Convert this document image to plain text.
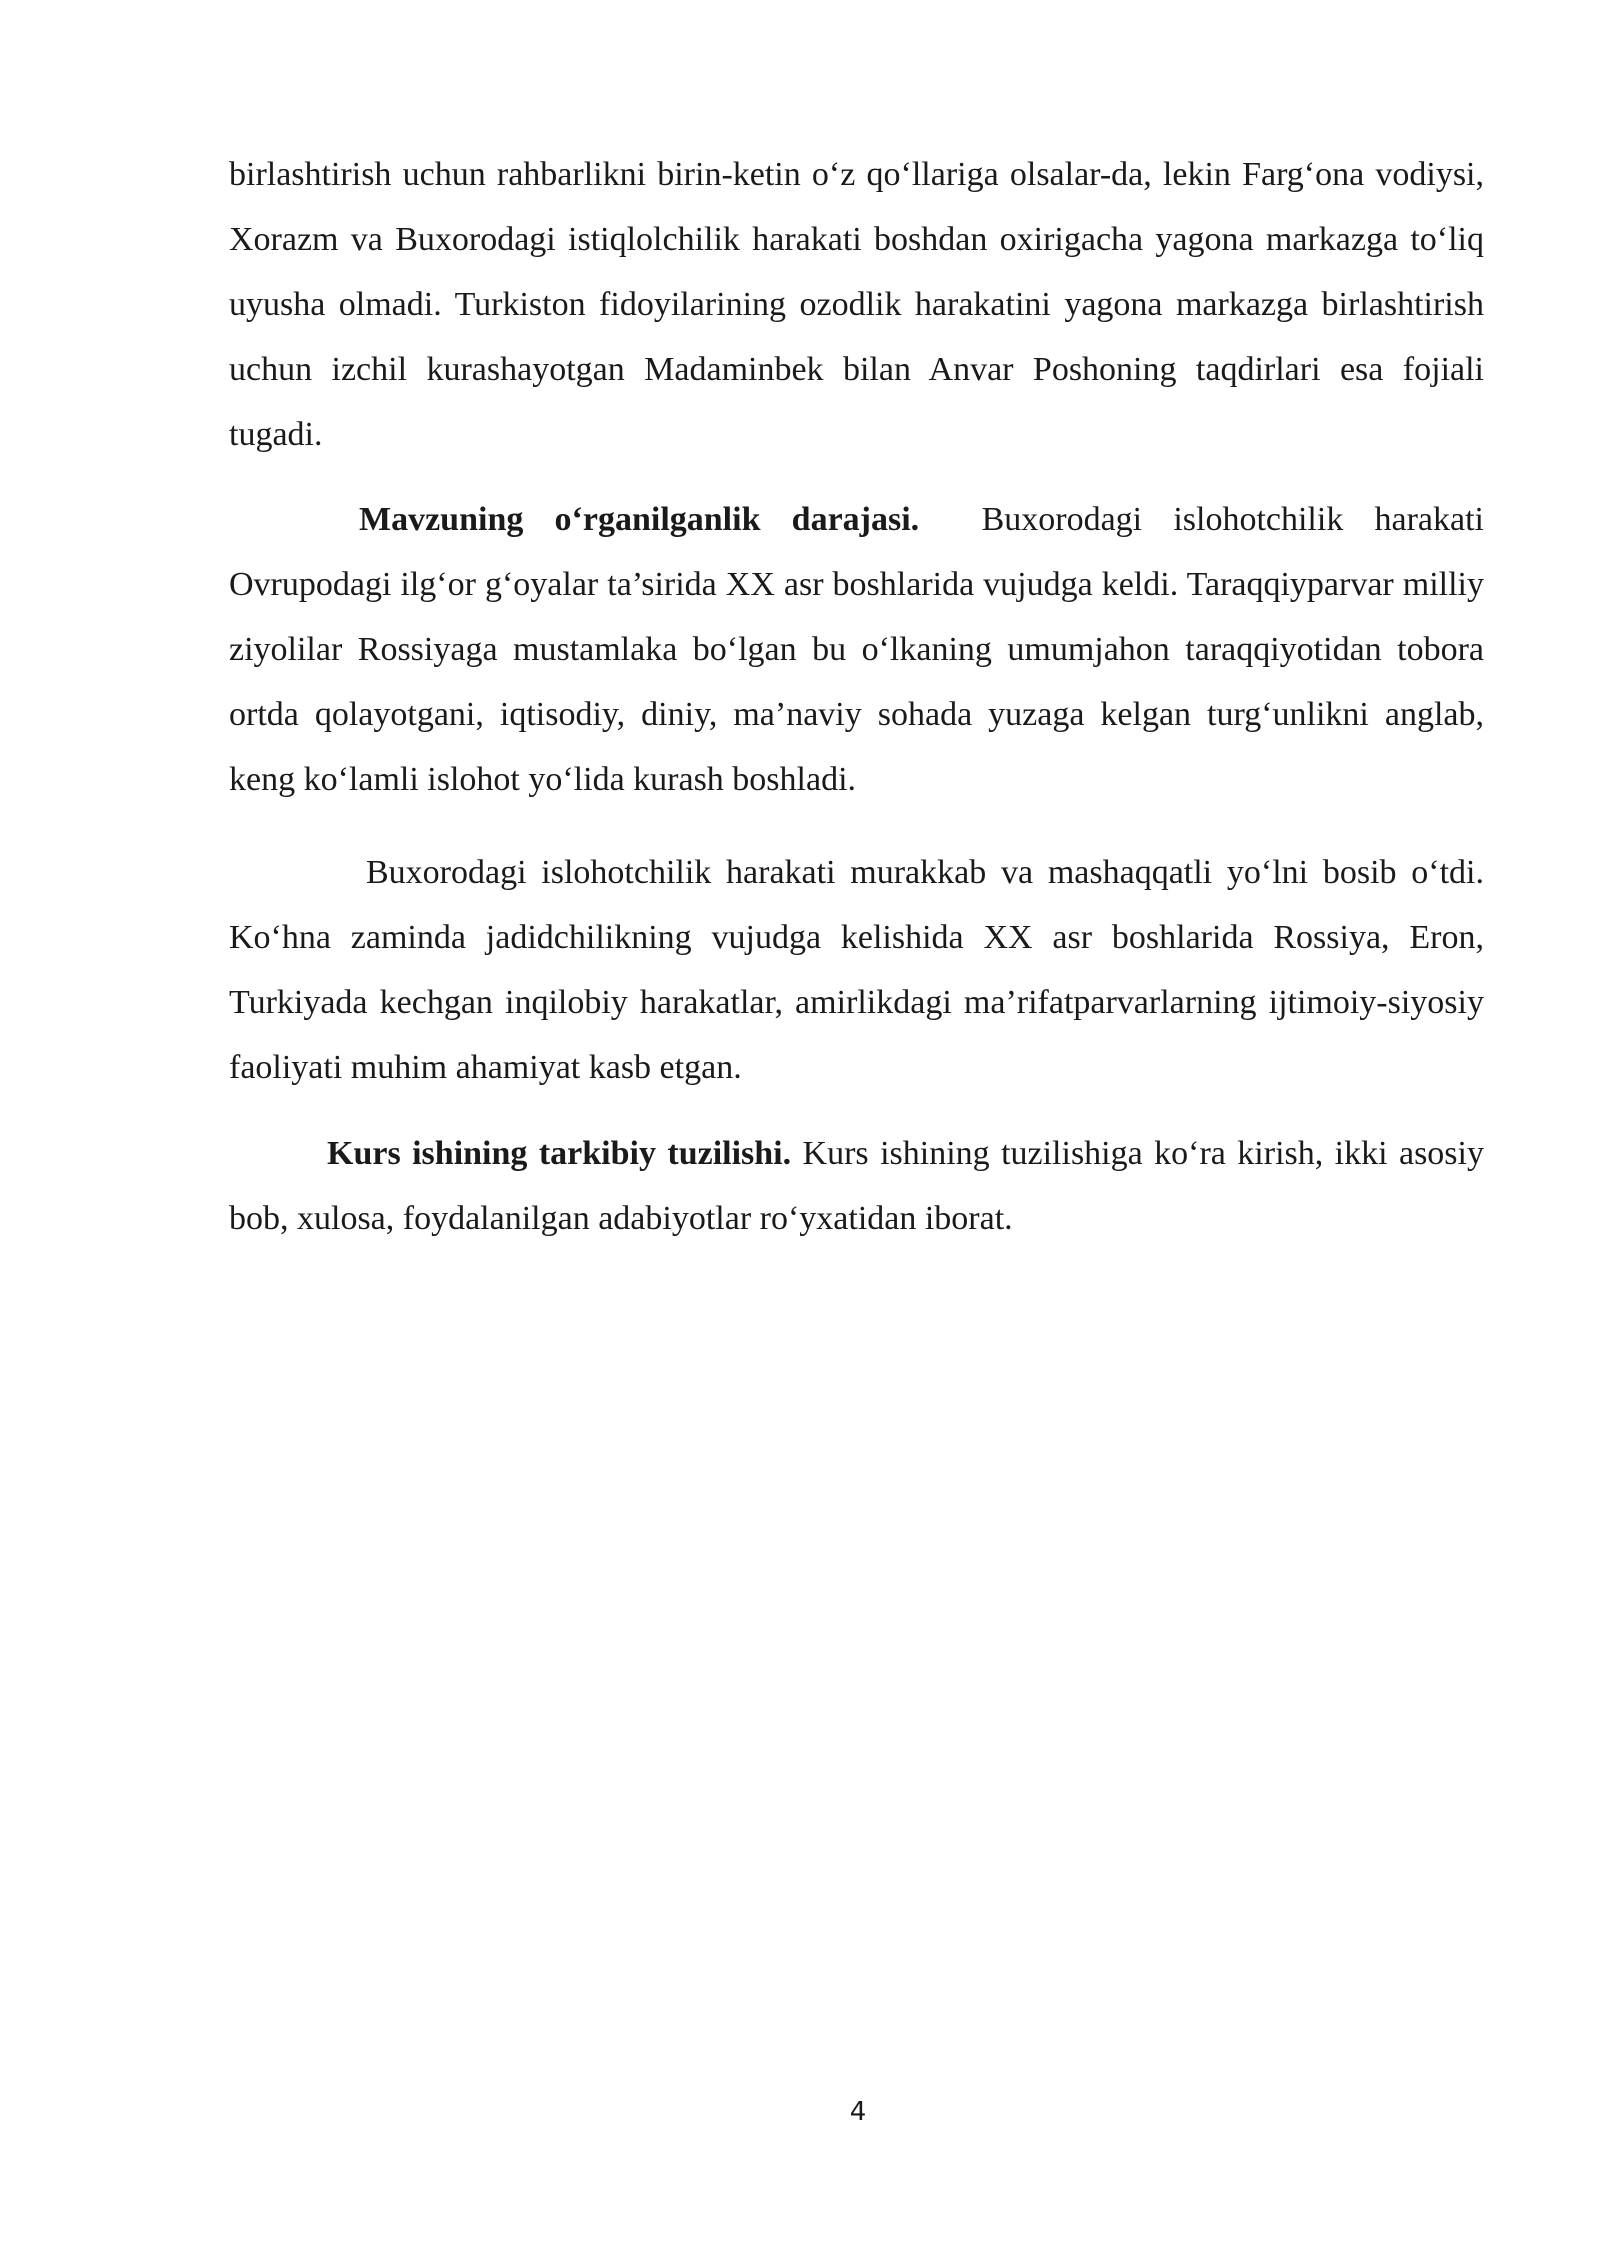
birlashtirish uchun rahbarlikni birin-ketin o‘z qo‘llariga olsalar-da, lekin Farg‘ona vodiysi, Xorazm va Buxorodagi istiqlolchilik harakati boshdan oxirigacha yagona markazga to‘liq uyusha olmadi. Turkiston fidoyilarining ozodlik harakatini yagona markazga birlashtirish uchun izchil kurashayotgan Madaminbek bilan Anvar Poshoning taqdirlari esa fojiali tugadi.

Mavzuning o‘rganilganlik darajasi.  Buxorodagi islohotchilik harakati Ovrupodagi ilg‘or g‘oyalar ta’sirida XX asr boshlarida vujudga keldi. Taraqqiyparvar milliy ziyolilar Rossiyaga mustamlaka bo‘lgan bu o‘lkaning umumjahon taraqqiyotidan tobora ortda qolayotgani, iqtisodiy, diniy, ma’naviy sohada yuzaga kelgan turg‘unlikni anglab, keng ko‘lamli islohot yo‘lida kurash boshladi.

Buxorodagi islohotchilik harakati murakkab va mashaqqatli yo‘lni bosib o‘tdi. Ko‘hna zaminda jadidchilikning vujudga kelishida XX asr boshlarida Rossiya, Eron, Turkiyada kechgan inqilobiy harakatlar, amirlikdagi ma’rifatparvarlarning ijtimoiy-siyosiy faoliyati muhim ahamiyat kasb etgan.

Kurs ishining tarkibiy tuzilishi. Kurs ishining tuzilishiga ko‘ra kirish, ikki asosiy bob, xulosa, foydalanilgan adabiyotlar ro‘yxatidan iborat.

4
